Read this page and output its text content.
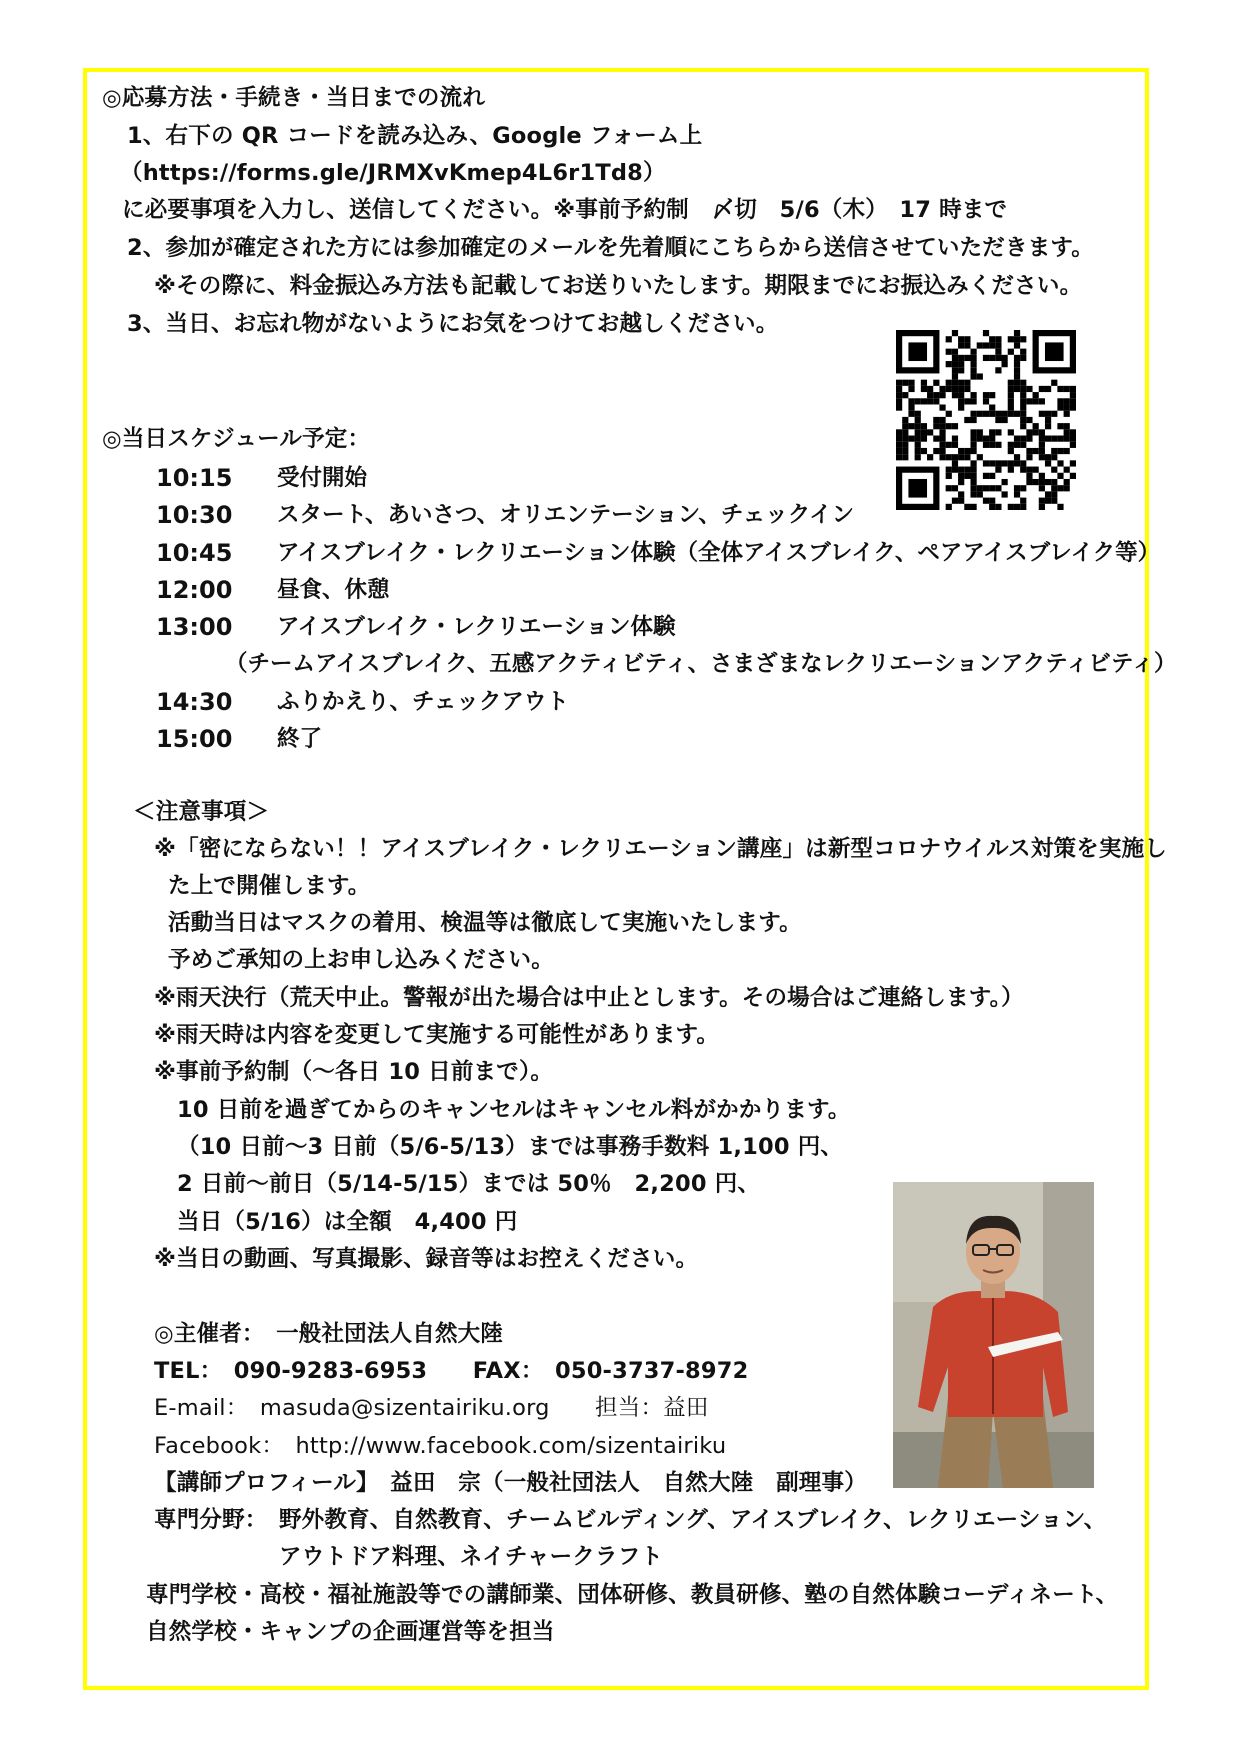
◎応募方法・手続き・当日までの流れ
1、右下の QR コードを読み込み、Google フォーム上
（https://forms.gle/JRMXvKmep4L6r1Td8）
に必要事項を入力し、送信してください。※事前予約制　〆切　5/6（木）　17 時まで
2、参加が確定された方には参加確定のメールを先着順にこちらから送信させていただきます。
※その際に、料金振込み方法も記載してお送りいたします。期限までにお振込みください。
3、当日、お忘れ物がないようにお気をつけてお越しください。
◎当日スケジュール予定：
10:15 受付開始
10:30 スタート、あいさつ、オリエンテーション、チェックイン
10:45 アイスブレイク・レクリエーション体験（全体アイスブレイク、ペアアイスブレイク等）
12:00 昼食、休憩
13:00 アイスブレイク・レクリエーション体験
（チームアイスブレイク、五感アクティビティ、さまざまなレクリエーションアクティビティ）
14:30 ふりかえり、チェックアウト
15:00 終了
＜注意事項＞
※「密にならない！！アイスブレイク・レクリエーション講座」は新型コロナウイルス対策を実施し
た上で開催します。
活動当日はマスクの着用、検温等は徹底して実施いたします。
予めご承知の上お申し込みください。
※雨天決行（荒天中止。警報が出た場合は中止とします。その場合はご連絡します。）
※雨天時は内容を変更して実施する可能性があります。
※事前予約制（～各日 10 日前まで）。
10 日前を過ぎてからのキャンセルはキャンセル料がかかります。
（10 日前～3 日前（5/6-5/13）までは事務手数料 1,100 円、
2 日前～前日（5/14-5/15）までは 50％　2,200 円、
当日（5/16）は全額　4,400 円
※当日の動画、写真撮影、録音等はお控えください。
◎主催者：　一般社団法人自然大陸
TEL：　090-9283-6953　　FAX：　050-3737-8972
E-mail：　masuda@sizentairiku.org　　担当：益田
Facebook：　http://www.facebook.com/sizentairiku
【講師プロフィール】　益田　宗（一般社団法人　自然大陸　副理事）
専門分野：　野外教育、自然教育、チームビルディング、アイスブレイク、レクリエーション、
アウトドア料理、ネイチャークラフト
専門学校・高校・福祉施設等での講師業、団体研修、教員研修、塾の自然体験コーディネート、
自然学校・キャンプの企画運営等を担当
